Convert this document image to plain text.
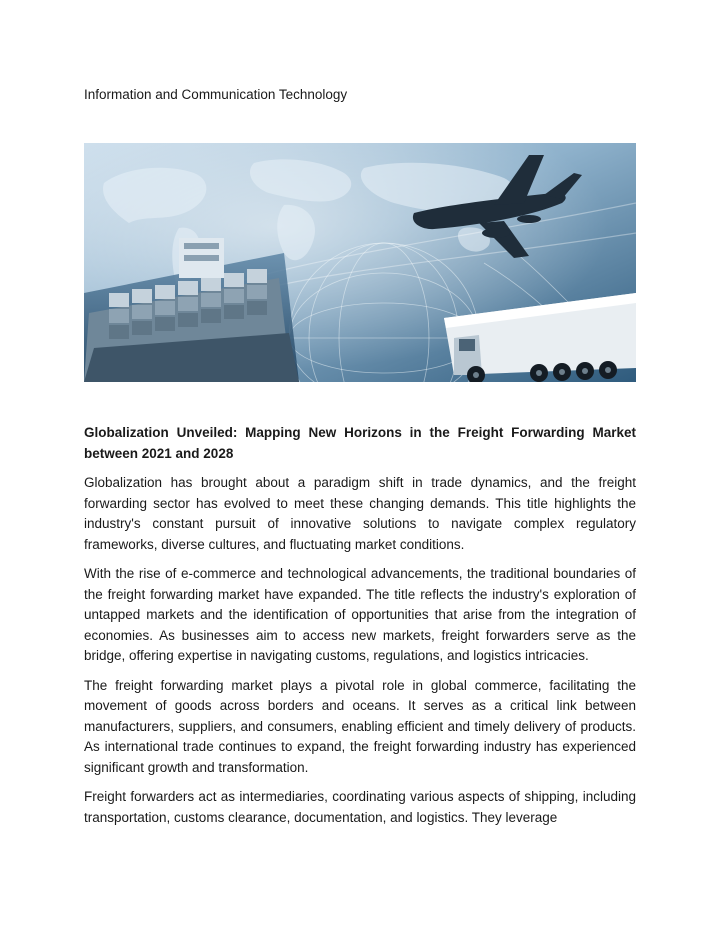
Information and Communication Technology

Globalization Unveiled: Mapping New Horizons in the Freight Forwarding Market between 2021 and 2028

Globalization has brought about a paradigm shift in trade dynamics, and the freight forwarding sector has evolved to meet these changing demands. This title highlights the industry's constant pursuit of innovative solutions to navigate complex regulatory frameworks, diverse cultures, and fluctuating market conditions.

With the rise of e-commerce and technological advancements, the traditional boundaries of the freight forwarding market have expanded. The title reflects the industry's exploration of untapped markets and the identification of opportunities that arise from the integration of economies. As businesses aim to access new markets, freight forwarders serve as the bridge, offering expertise in navigating customs, regulations, and logistics intricacies.

The freight forwarding market plays a pivotal role in global commerce, facilitating the movement of goods across borders and oceans. It serves as a critical link between manufacturers, suppliers, and consumers, enabling efficient and timely delivery of products. As international trade continues to expand, the freight forwarding industry has experienced significant growth and transformation.

Freight forwarders act as intermediaries, coordinating various aspects of shipping, including transportation, customs clearance, documentation, and logistics. They leverage
